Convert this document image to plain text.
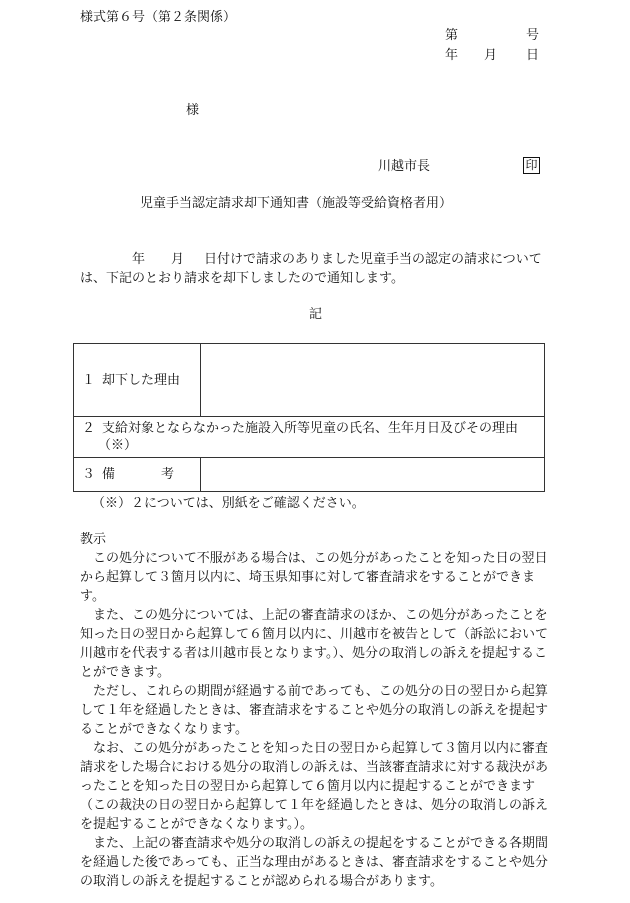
様式第６号（第２条関係）
第	号
年 月 日
様
川越市長	印
児童手当認定請求却下通知書（施設等受給資格者用）
年 月 日付けで請求のありました児童手当の認定の請求については、下記のとおり請求を却下しましたので通知します。
記
１ 却下した理由	
２ 支給対象とならなかった施設入所等児童の氏名、生年月日及びその理由
（※）	
３ 備 考	
（※）２については、別紙をご確認ください。
教示

この処分について不服がある場合は、この処分があったことを知った日の翌日から起算して３箇月以内に、埼玉県知事に対して審査請求をすることができます。

また、この処分については、上記の審査請求のほか、この処分があったことを知った日の翌日から起算して６箇月以内に、川越市を被告として（訴訟において川越市を代表する者は川越市長となります。）、処分の取消しの訴えを提起することができます。

ただし、これらの期間が経過する前であっても、この処分の日の翌日から起算して１年を経過したときは、審査請求をすることや処分の取消しの訴えを提起することができなくなります。

なお、この処分があったことを知った日の翌日から起算して３箇月以内に審査請求をした場合における処分の取消しの訴えは、当該審査請求に対する裁決があったことを知った日の翌日から起算して６箇月以内に提起することができます（この裁決の日の翌日から起算して１年を経過したときは、処分の取消しの訴えを提起することができなくなります。）。

また、上記の審査請求や処分の取消しの訴えの提起をすることができる各期間を経過した後であっても、正当な理由があるときは、審査請求をすることや処分の取消しの訴えを提起することが認められる場合があります。
